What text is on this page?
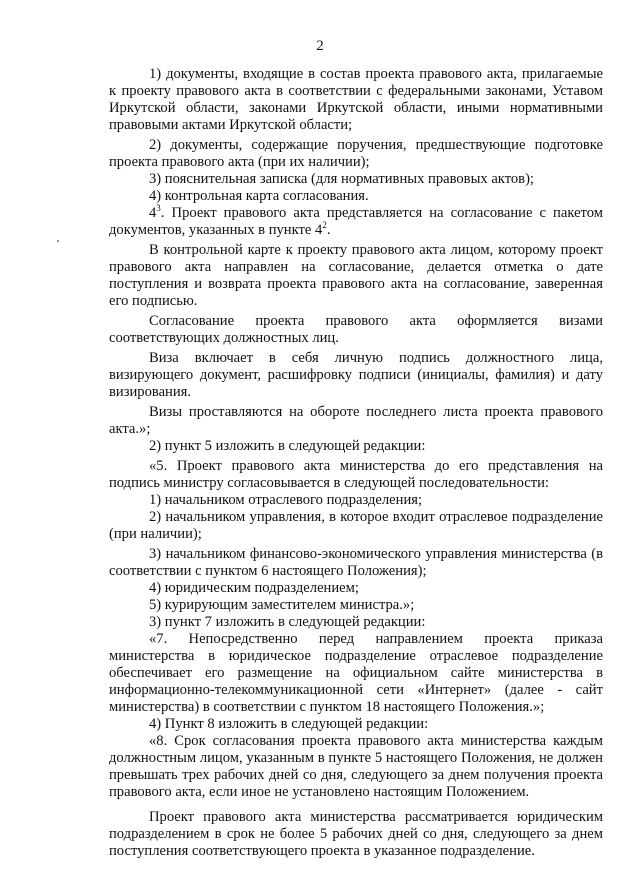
2

1) документы, входящие в состав проекта правового акта, прилагаемые к проекту правового акта в соответствии с федеральными законами, Уставом Иркутской области, законами Иркутской области, иными нормативными правовыми актами Иркутской области;

2) документы, содержащие поручения, предшествующие подготовке проекта правового акта (при их наличии);

3) пояснительная записка (для нормативных правовых актов);

4) контрольная карта согласования.

$4^3$. Проект правового акта представляется на согласование с пакетом документов, указанных в пункте $4^2$.

В контрольной карте к проекту правового акта лицом, которому проект правового акта направлен на согласование, делается отметка о дате поступления и возврата проекта правового акта на согласование, заверенная его подписью.

Согласование проекта правового акта оформляется визами соответствующих должностных лиц.

Виза включает в себя личную подпись должностного лица, визирующего документ, расшифровку подписи (инициалы, фамилия) и дату визирования.

Визы проставляются на обороте последнего листа проекта правового акта.»;

2) пункт 5 изложить в следующей редакции:

«5. Проект правового акта министерства до его представления на подпись министру согласовывается в следующей последовательности:

1) начальником отраслевого подразделения;

2) начальником управления, в которое входит отраслевое подразделение (при наличии);

3) начальником финансово-экономического управления министерства (в соответствии с пунктом 6 настоящего Положения);

4) юридическим подразделением;

5) курирующим заместителем министра.»;

3) пункт 7 изложить в следующей редакции:

«7. Непосредственно перед направлением проекта приказа министерства в юридическое подразделение отраслевое подразделение обеспечивает его размещение на официальном сайте министерства в информационно-телекоммуникационной сети «Интернет» (далее - сайт министерства) в соответствии с пунктом 18 настоящего Положения.»;

4) Пункт 8 изложить в следующей редакции:

«8. Срок согласования проекта правового акта министерства каждым должностным лицом, указанным в пункте 5 настоящего Положения, не должен превышать трех рабочих дней со дня, следующего за днем получения проекта правового акта, если иное не установлено настоящим Положением.

Проект правового акта министерства рассматривается юридическим подразделением в срок не более 5 рабочих дней со дня, следующего за днем поступления соответствующего проекта в указанное подразделение.
